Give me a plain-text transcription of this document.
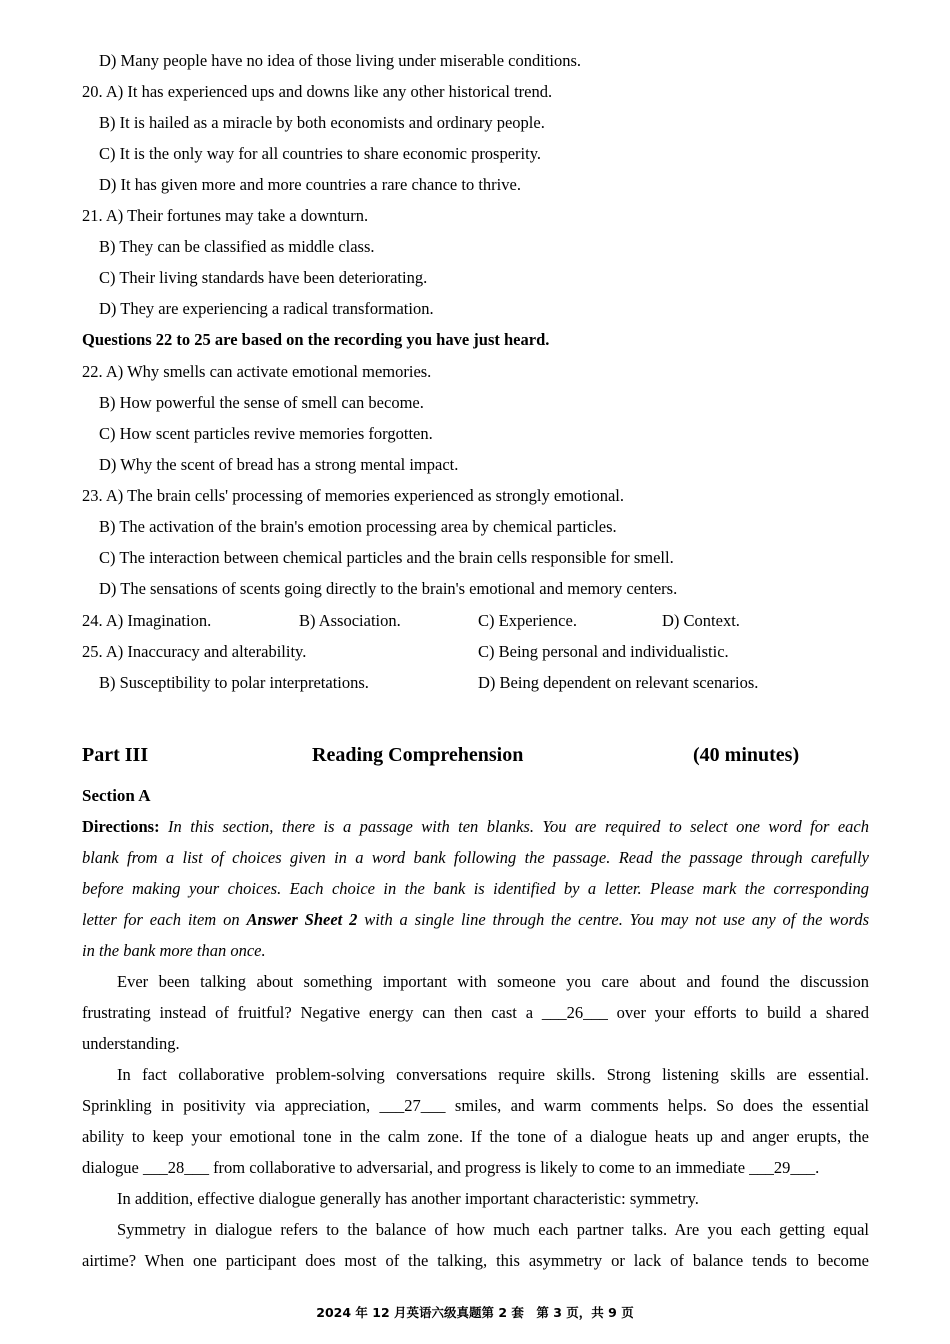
D) Many people have no idea of those living under miserable conditions.
20. A) It has experienced ups and downs like any other historical trend.
B) It is hailed as a miracle by both economists and ordinary people.
C) It is the only way for all countries to share economic prosperity.
D) It has given more and more countries a rare chance to thrive.
21. A) Their fortunes may take a downturn.
B) They can be classified as middle class.
C) Their living standards have been deteriorating.
D) They are experiencing a radical transformation.
Questions 22 to 25 are based on the recording you have just heard.
22. A) Why smells can activate emotional memories.
B) How powerful the sense of smell can become.
C) How scent particles revive memories forgotten.
D) Why the scent of bread has a strong mental impact.
23. A) The brain cells' processing of memories experienced as strongly emotional.
B) The activation of the brain's emotion processing area by chemical particles.
C) The interaction between chemical particles and the brain cells responsible for smell.
D) The sensations of scents going directly to the brain's emotional and memory centers.
24. A) Imagination.	B) Association.	C) Experience.	D) Context.
25. A) Inaccuracy and alterability.	C) Being personal and individualistic.
B) Susceptibility to polar interpretations.	D) Being dependent on relevant scenarios.
Part III	Reading Comprehension	(40 minutes)
Section A
Directions: In this section, there is a passage with ten blanks. You are required to select one word for each
blank from a list of choices given in a word bank following the passage. Read the passage through carefully
before making your choices. Each choice in the bank is identified by a letter. Please mark the corresponding
letter for each item on Answer Sheet 2 with a single line through the centre. You may not use any of the words
in the bank more than once.
Ever been talking about something important with someone you care about and found the discussion
frustrating instead of fruitful? Negative energy can then cast a ___26___ over your efforts to build a shared
understanding.
In fact collaborative problem-solving conversations require skills. Strong listening skills are essential.
Sprinkling in positivity via appreciation, ___27___ smiles, and warm comments helps. So does the essential
ability to keep your emotional tone in the calm zone. If the tone of a dialogue heats up and anger erupts, the
dialogue ___28___ from collaborative to adversarial, and progress is likely to come to an immediate ___29___.
In addition, effective dialogue generally has another important characteristic: symmetry.
Symmetry in dialogue refers to the balance of how much each partner talks. Are you each getting equal
airtime? When one participant does most of the talking, this asymmetry or lack of balance tends to become
2024 年 12 月英语六级真题第 2 套　第 3 页，共 9 页
